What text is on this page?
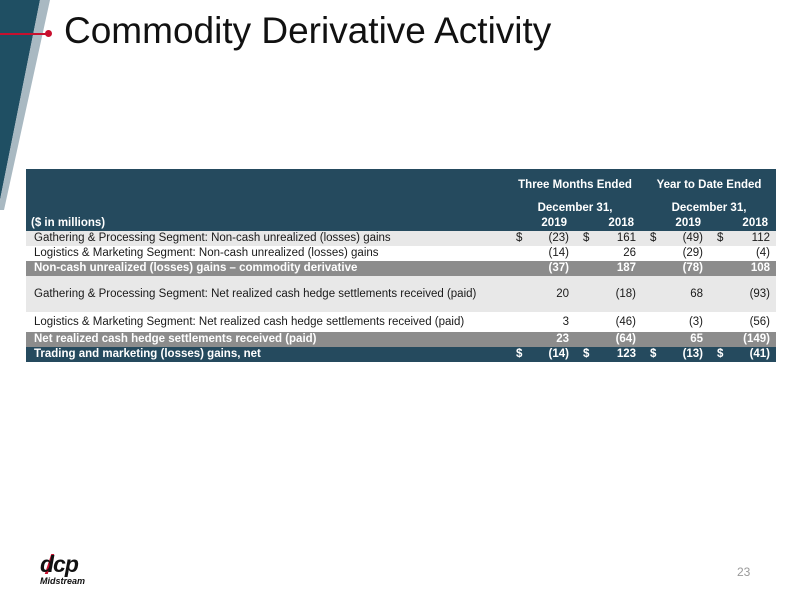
Commodity Derivative Activity
	Three Months Ended		Year to Date Ended	
	December 31,		December 31,	
($ in millions)	2019	2018	2019	2018
Gathering & Processing Segment: Non-cash unrealized (losses) gains	$ (23)	$ 161	$ (49)	$ 112
Logistics & Marketing Segment: Non-cash unrealized (losses) gains	(14)	26	(29)	(4)
Non-cash unrealized (losses) gains – commodity derivative	(37)	187	(78)	108
Gathering & Processing Segment: Net realized cash hedge settlements received (paid)	20	(18)	68	(93)
Logistics & Marketing Segment: Net realized cash hedge settlements received (paid)	3	(46)	(3)	(56)
Net realized cash hedge settlements received (paid)	23	(64)	65	(149)
Trading and marketing (losses) gains, net	$ (14)	$ 123	$ (13)	$ (41)
23
dcp
Midstream
